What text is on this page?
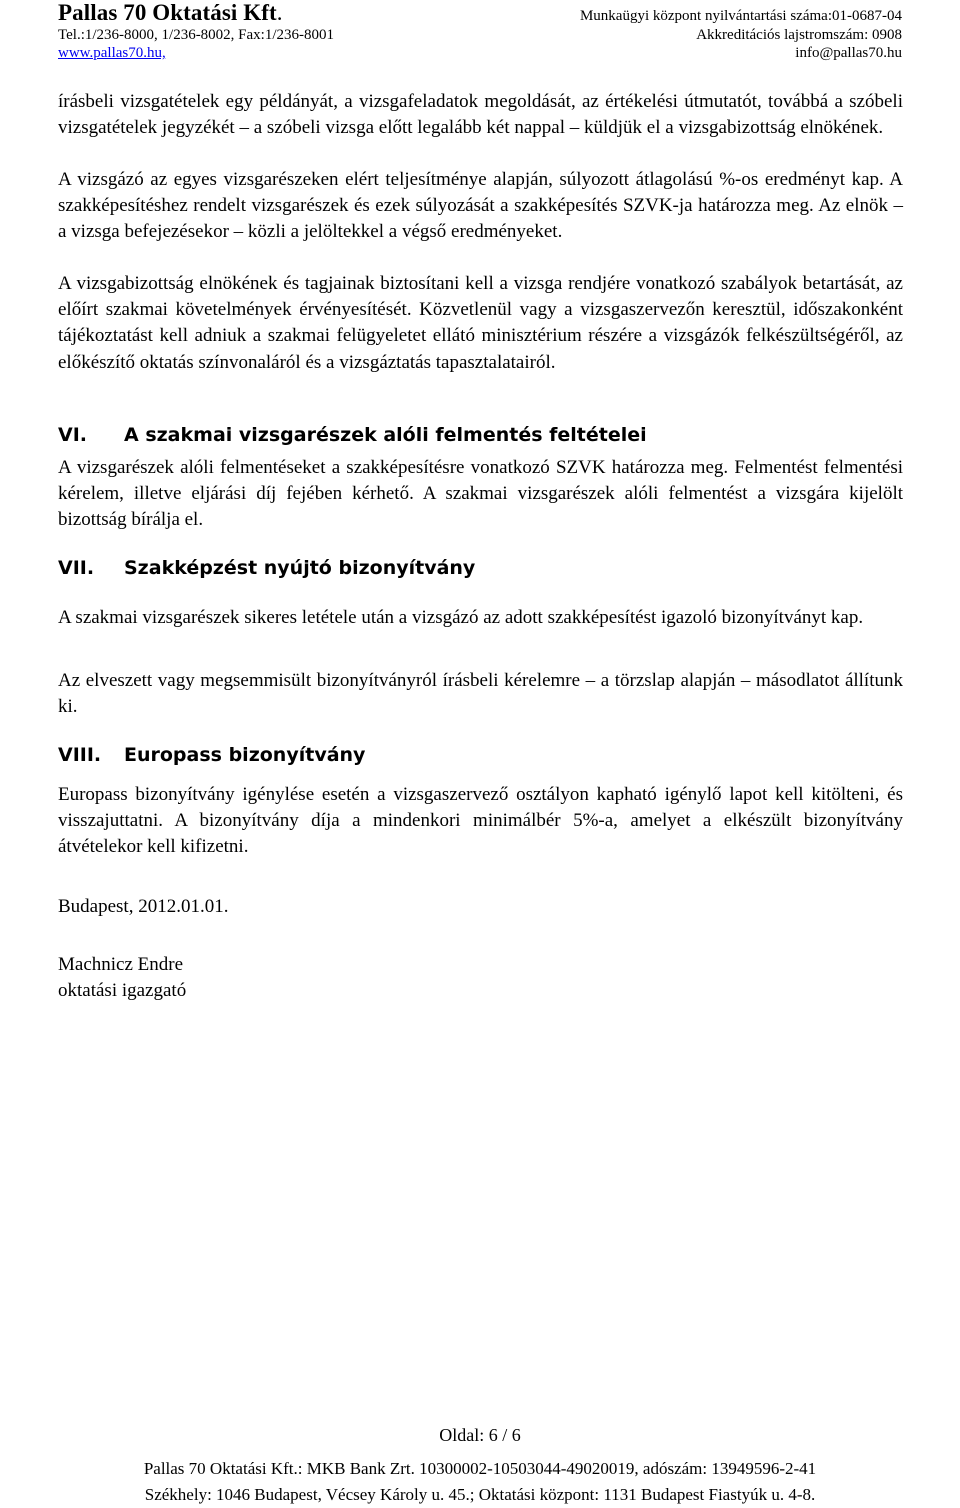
Pallas 70 Oktatási Kft.
Tel.:1/236-8000, 1/236-8002, Fax:1/236-8001
www.pallas70.hu,
Munkaügyi központ nyilvántartási száma:01-0687-04
Akkreditációs lajstromszám: 0908
info@pallas70.hu
írásbeli vizsgatételek egy példányát, a vizsgafeladatok megoldását, az értékelési útmutatót, továbbá a szóbeli vizsgatételek jegyzékét – a szóbeli vizsga előtt legalább két nappal – küldjük el a vizsgabizottság elnökének.
A vizsgázó az egyes vizsgarészeken elért teljesítménye alapján, súlyozott átlagolású %-os eredményt kap. A szakképesítéshez rendelt vizsgarészek és ezek súlyozását a szakképesítés SZVK-ja határozza meg. Az elnök – a vizsga befejezésekor – közli a jelöltekkel a végső eredményeket.
A vizsgabizottság elnökének és tagjainak biztosítani kell a vizsga rendjére vonatkozó szabályok betartását, az előírt szakmai követelmények érvényesítését. Közvetlenül vagy a vizsgaszervezőn keresztül, időszakonként tájékoztatást kell adniuk a szakmai felügyeletet ellátó minisztérium részére a vizsgázók felkészültségéről, az előkészítő oktatás színvonaláról és a vizsgáztatás tapasztalatairól.
VI. A szakmai vizsgarészek alóli felmentés feltételei
A vizsgarészek alóli felmentéseket a szakképesítésre vonatkozó SZVK határozza meg. Felmentést felmentési kérelem, illetve eljárási díj fejében kérhető. A szakmai vizsgarészek alóli felmentést a vizsgára kijelölt bizottság bírálja el.
VII. Szakképzést nyújtó bizonyítvány
A szakmai vizsgarészek sikeres letétele után a vizsgázó az adott szakképesítést igazoló bizonyítványt kap.
Az elveszett vagy megsemmisült bizonyítványról írásbeli kérelemre – a törzslap alapján – másodlatot állítunk ki.
VIII. Europass bizonyítvány
Europass bizonyítvány igénylése esetén a vizsgaszervező osztályon kapható igénylő lapot kell kitölteni, és visszajuttatni. A bizonyítvány díja a mindenkori minimálbér 5%-a, amelyet a elkészült bizonyítvány átvételekor kell kifizetni.
Budapest, 2012.01.01.
Machnicz Endre
oktatási igazgató
Oldal: 6 / 6
Pallas 70 Oktatási Kft.: MKB Bank Zrt. 10300002-10503044-49020019, adószám: 13949596-2-41
Székhely: 1046 Budapest, Vécsey Károly u. 45.; Oktatási központ: 1131 Budapest Fiastyúk u. 4-8.
